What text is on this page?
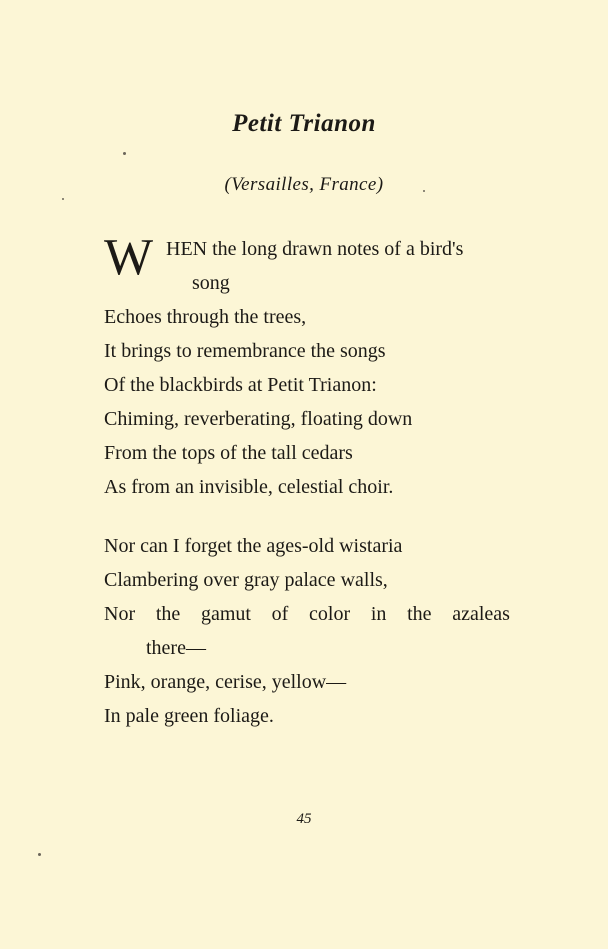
Petit Trianon
(Versailles, France)
W HEN the long drawn notes of a bird's
song
Echoes through the trees,
It brings to remembrance the songs
Of the blackbirds at Petit Trianon:
Chiming, reverberating, floating down
From the tops of the tall cedars
As from an invisible, celestial choir.
Nor can I forget the ages-old wistaria
Clambering over gray palace walls,
Nor the gamut of color in the azaleas
there—
Pink, orange, cerise, yellow—
In pale green foliage.
45
